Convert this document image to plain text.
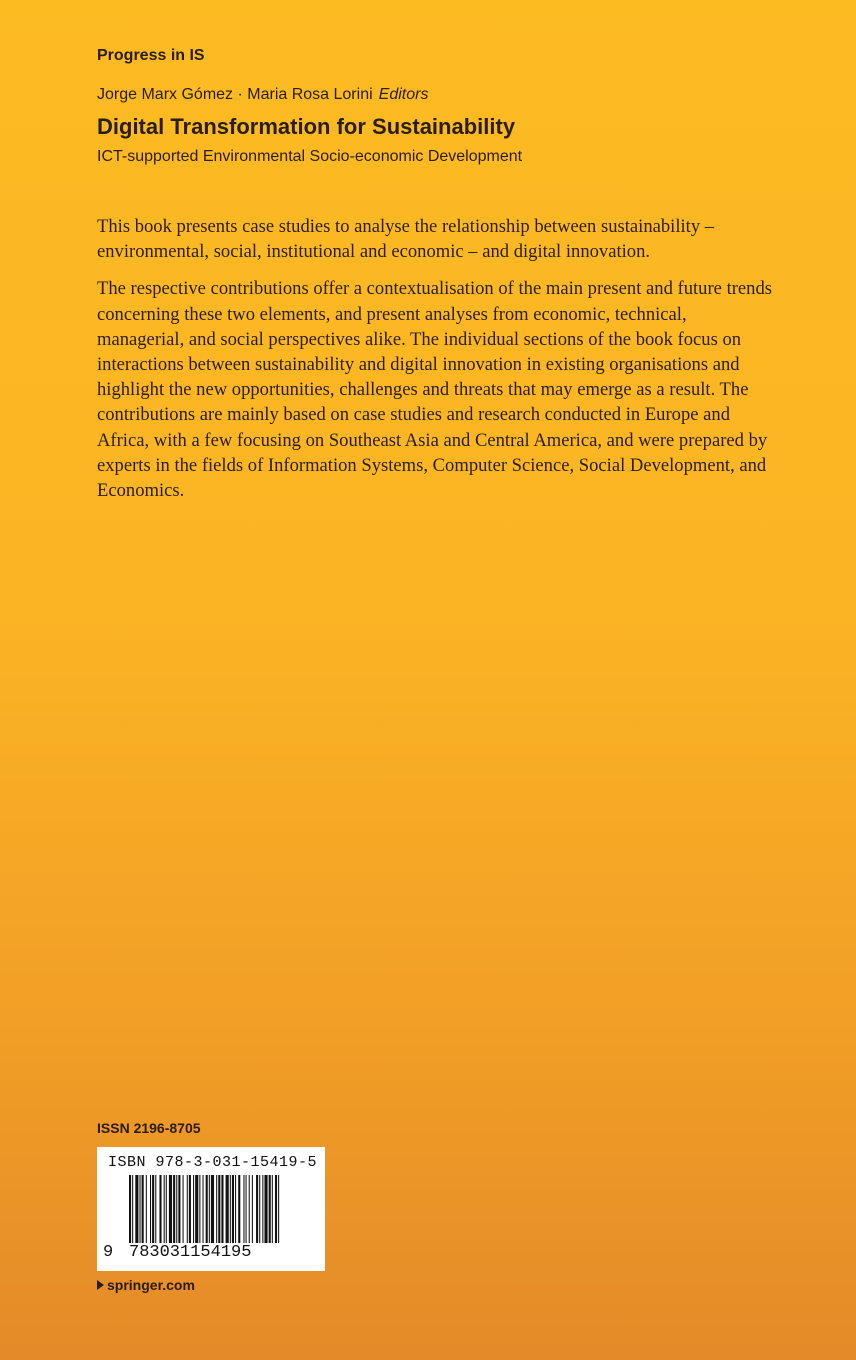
Progress in IS
Jorge Marx Gómez · Maria Rosa Lorini Editors
Digital Transformation for Sustainability
ICT-supported Environmental Socio-economic Development

This book presents case studies to analyse the relationship between sustainability – environmental, social, institutional and economic – and digital innovation.

The respective contributions offer a contextualisation of the main present and future trends concerning these two elements, and present analyses from economic, technical, managerial, and social perspectives alike. The individual sections of the book focus on interactions between sustainability and digital innovation in existing organisations and highlight the new opportunities, challenges and threats that may emerge as a result. The contributions are mainly based on case studies and research conducted in Europe and Africa, with a few focusing on Southeast Asia and Central America, and were prepared by experts in the fields of Information Systems, Computer Science, Social Development, and Economics.

ISSN 2196-8705
ISBN 978-3-031-15419-5
9 783031154195
springer.com
